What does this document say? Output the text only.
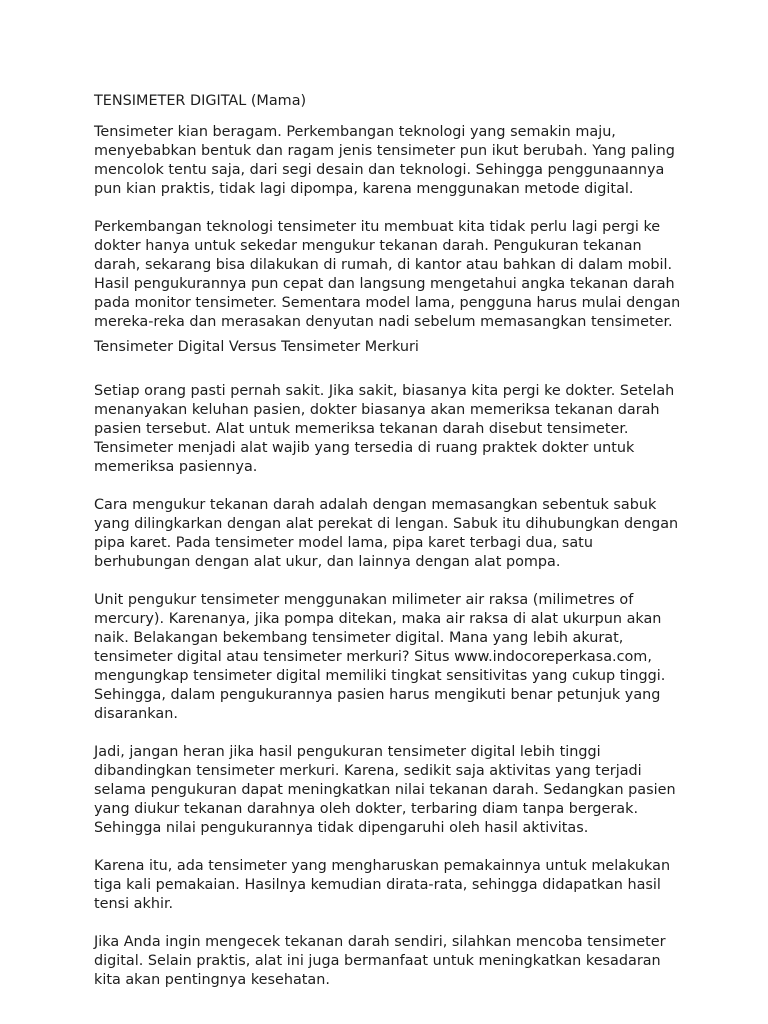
TENSIMETER DIGITAL (Mama)
Tensimeter kian beragam. Perkembangan teknologi yang semakin maju,
menyebabkan bentuk dan ragam jenis tensimeter pun ikut berubah. Yang paling
mencolok tentu saja, dari segi desain dan teknologi. Sehingga penggunaannya
pun kian praktis, tidak lagi dipompa, karena menggunakan metode digital.
Perkembangan teknologi tensimeter itu membuat kita tidak perlu lagi pergi ke
dokter hanya untuk sekedar mengukur tekanan darah. Pengukuran tekanan
darah, sekarang bisa dilakukan di rumah, di kantor atau bahkan di dalam mobil.
Hasil pengukurannya pun cepat dan langsung mengetahui angka tekanan darah
pada monitor tensimeter. Sementara model lama, pengguna harus mulai dengan
mereka-reka dan merasakan denyutan nadi sebelum memasangkan tensimeter.
Tensimeter Digital Versus Tensimeter Merkuri
Setiap orang pasti pernah sakit. Jika sakit, biasanya kita pergi ke dokter. Setelah
menanyakan keluhan pasien, dokter biasanya akan memeriksa tekanan darah
pasien tersebut. Alat untuk memeriksa tekanan darah disebut tensimeter.
Tensimeter menjadi alat wajib yang tersedia di ruang praktek dokter untuk
memeriksa pasiennya.
Cara mengukur tekanan darah adalah dengan memasangkan sebentuk sabuk
yang dilingkarkan dengan alat perekat di lengan. Sabuk itu dihubungkan dengan
pipa karet. Pada tensimeter model lama, pipa karet terbagi dua, satu
berhubungan dengan alat ukur, dan lainnya dengan alat pompa.
Unit pengukur tensimeter menggunakan milimeter air raksa (milimetres of
mercury). Karenanya, jika pompa ditekan, maka air raksa di alat ukurpun akan
naik. Belakangan bekembang tensimeter digital. Mana yang lebih akurat,
tensimeter digital atau tensimeter merkuri? Situs www.indocoreperkasa.com,
mengungkap tensimeter digital memiliki tingkat sensitivitas yang cukup tinggi.
Sehingga, dalam pengukurannya pasien harus mengikuti benar petunjuk yang
disarankan.
Jadi, jangan heran jika hasil pengukuran tensimeter digital lebih tinggi
dibandingkan tensimeter merkuri. Karena, sedikit saja aktivitas yang terjadi
selama pengukuran dapat meningkatkan nilai tekanan darah. Sedangkan pasien
yang diukur tekanan darahnya oleh dokter, terbaring diam tanpa bergerak.
Sehingga nilai pengukurannya tidak dipengaruhi oleh hasil aktivitas.
Karena itu, ada tensimeter yang mengharuskan pemakainnya untuk melakukan
tiga kali pemakaian. Hasilnya kemudian dirata-rata, sehingga didapatkan hasil
tensi akhir.
Jika Anda ingin mengecek tekanan darah sendiri, silahkan mencoba tensimeter
digital. Selain praktis, alat ini juga bermanfaat untuk meningkatkan kesadaran
kita akan pentingnya kesehatan.
